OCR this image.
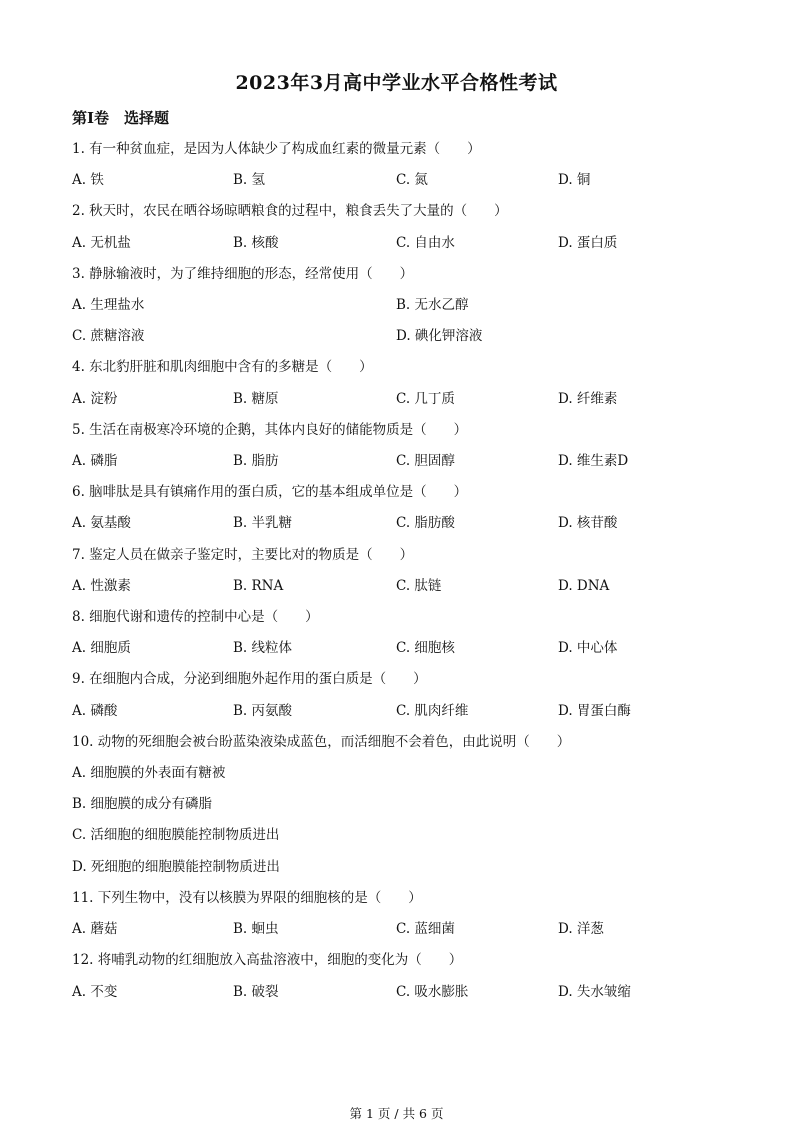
2023年3月高中学业水平合格性考试
第Ⅰ卷　选择题
1. 有一种贫血症，是因为人体缺少了构成血红素的微量元素（　　）
A. 铁	B. 氢	C. 氮	D. 铜
2. 秋天时，农民在晒谷场晾晒粮食的过程中，粮食丢失了大量的（　　）
A. 无机盐	B. 核酸	C. 自由水	D. 蛋白质
3. 静脉输液时，为了维持细胞的形态，经常使用（　　）
A. 生理盐水	B. 无水乙醇
C. 蔗糖溶液	D. 碘化钾溶液
4. 东北豹肝脏和肌肉细胞中含有的多糖是（　　）
A. 淀粉	B. 糖原	C. 几丁质	D. 纤维素
5. 生活在南极寒冷环境的企鹅，其体内良好的储能物质是（　　）
A. 磷脂	B. 脂肪	C. 胆固醇	D. 维生素D
6. 脑啡肽是具有镇痛作用的蛋白质，它的基本组成单位是（　　）
A. 氨基酸	B. 半乳糖	C. 脂肪酸	D. 核苷酸
7. 鉴定人员在做亲子鉴定时，主要比对的物质是（　　）
A. 性激素	B. RNA	C. 肽链	D. DNA
8. 细胞代谢和遗传的控制中心是（　　）
A. 细胞质	B. 线粒体	C. 细胞核	D. 中心体
9. 在细胞内合成，分泌到细胞外起作用的蛋白质是（　　）
A. 磷酸	B. 丙氨酸	C. 肌肉纤维	D. 胃蛋白酶
10. 动物的死细胞会被台盼蓝染液染成蓝色，而活细胞不会着色，由此说明（　　）
A. 细胞膜的外表面有糖被
B. 细胞膜的成分有磷脂
C. 活细胞的细胞膜能控制物质进出
D. 死细胞的细胞膜能控制物质进出
11. 下列生物中，没有以核膜为界限的细胞核的是（　　）
A. 蘑菇	B. 蛔虫	C. 蓝细菌	D. 洋葱
12. 将哺乳动物的红细胞放入高盐溶液中，细胞的变化为（　　）
A. 不变	B. 破裂	C. 吸水膨胀	D. 失水皱缩
第 1 页 / 共 6 页
